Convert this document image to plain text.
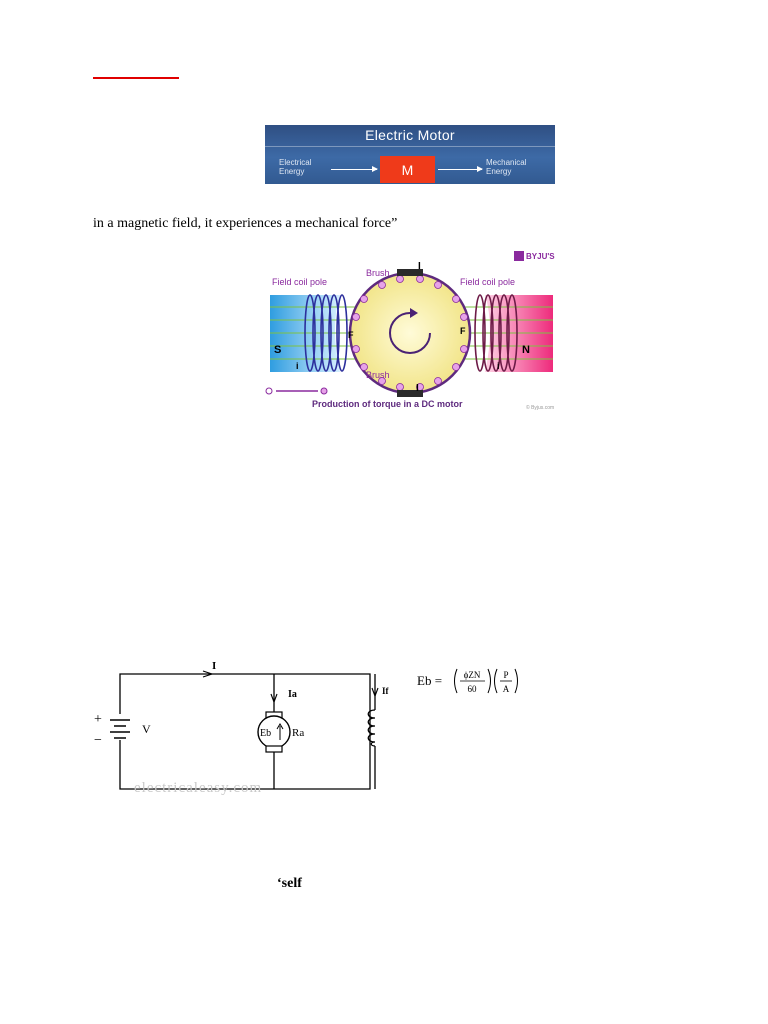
Electric Motor
Electrical
Energy	M	Mechanical
Energy
in a magnetic field, it experiences a mechanical force”
BYJU'S
Field coil pole	Field coil pole
Brush
Brush
I
I
S	N
F	F
i	i
Production of torque in a DC motor	© Byjus.com
+
−
V
I
Ia	If
Eb Ra
electricaleasy.com
Eb = ϕZN
60
P
A
‘self
